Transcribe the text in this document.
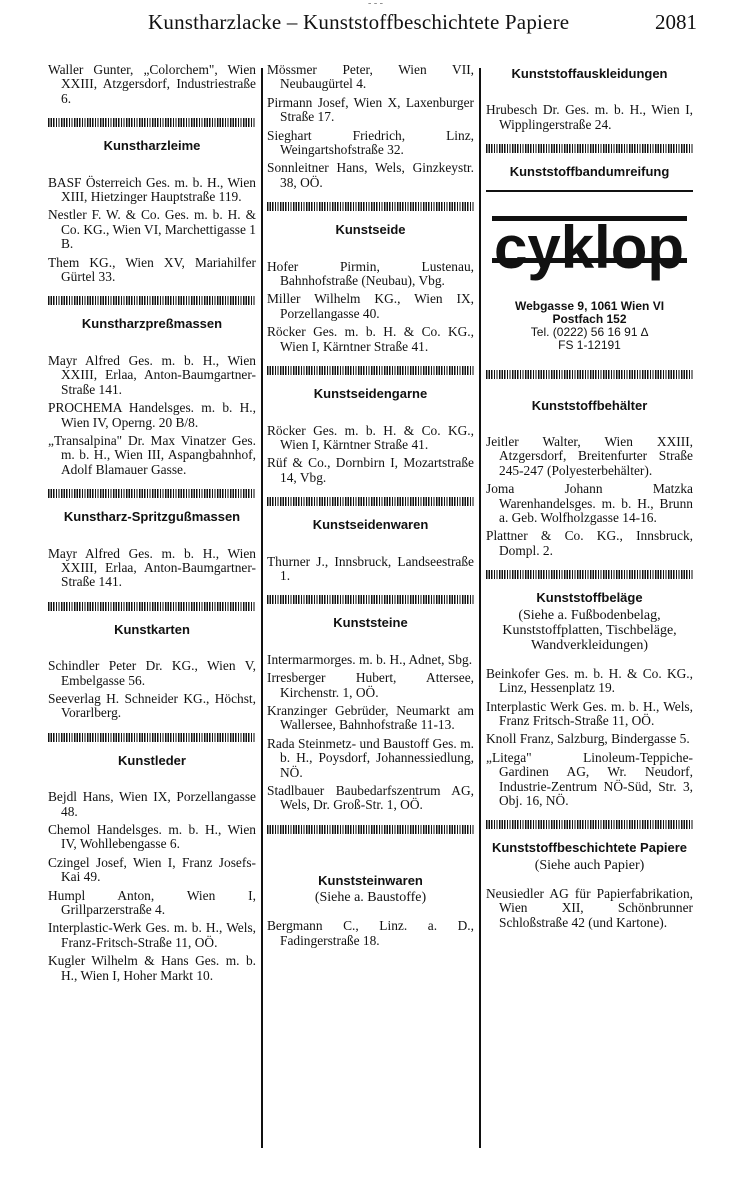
- - -
Kunstharzlacke – Kunststoffbeschichtete Papiere	2081

Waller Gunter, „Colorchem", Wien XXIII, Atzgersdorf, Industriestraße 6.

Kunstharzleime

BASF Österreich Ges. m. b. H., Wien XIII, Hietzinger Hauptstraße 119.

Nestler F. W. & Co. Ges. m. b. H. & Co. KG., Wien VI, Marchettigasse 1 B.

Them KG., Wien XV, Mariahilfer Gürtel 33.

Kunstharzpreßmassen

Mayr Alfred Ges. m. b. H., Wien XXIII, Erlaa, Anton-Baumgartner-Straße 141.

PROCHEMA Handelsges. m. b. H., Wien IV, Operng. 20 B/8.

„Transalpina" Dr. Max Vinatzer Ges. m. b. H., Wien III, Aspangbahnhof, Adolf Blamauer Gasse.

Kunstharz-Spritzgußmassen

Mayr Alfred Ges. m. b. H., Wien XXIII, Erlaa, Anton-Baumgartner-Straße 141.

Kunstkarten

Schindler Peter Dr. KG., Wien V, Embelgasse 56.

Seeverlag H. Schneider KG., Höchst, Vorarlberg.

Kunstleder

Bejdl Hans, Wien IX, Porzellangasse 48.

Chemol Handelsges. m. b. H., Wien IV, Wohllebengasse 6.

Czingel Josef, Wien I, Franz Josefs-Kai 49.

Humpl Anton, Wien I, Grillparzerstraße 4.

Interplastic-Werk Ges. m. b. H., Wels, Franz-Fritsch-Straße 11, OÖ.

Kugler Wilhelm & Hans Ges. m. b. H., Wien I, Hoher Markt 10.

Mössmer Peter, Wien VII, Neubaugürtel 4.

Pirmann Josef, Wien X, Laxenburger Straße 17.

Sieghart Friedrich, Linz, Weingartshofstraße 32.

Sonnleitner Hans, Wels, Ginzkeystr. 38, OÖ.

Kunstseide

Hofer Pirmin, Lustenau, Bahnhofstraße (Neubau), Vbg.

Miller Wilhelm KG., Wien IX, Porzellangasse 40.

Röcker Ges. m. b. H. & Co. KG., Wien I, Kärntner Straße 41.

Kunstseidengarne

Röcker Ges. m. b. H. & Co. KG., Wien I, Kärntner Straße 41.

Rüf & Co., Dornbirn I, Mozartstraße 14, Vbg.

Kunstseidenwaren

Thurner J., Innsbruck, Landseestraße 1.

Kunststeine

Intermarmorges. m. b. H., Adnet, Sbg.

Irresberger Hubert, Attersee, Kirchenstr. 1, OÖ.

Kranzinger Gebrüder, Neumarkt am Wallersee, Bahnhofstraße 11-13.

Rada Steinmetz- und Baustoff Ges. m. b. H., Poysdorf, Johannessiedlung, NÖ.

Stadlbauer Baubedarfszentrum AG, Wels, Dr. Groß-Str. 1, OÖ.

Kunststeinwaren
(Siehe a. Baustoffe)

Bergmann C., Linz. a. D., Fadingerstraße 18.

Kunststoffauskleidungen

Hrubesch Dr. Ges. m. b. H., Wien I, Wipplingerstraße 24.

Kunststoffbandumreifung
cyklop
Webgasse 9, 1061 Wien VI
Postfach 152
Tel. (0222) 56 16 91 ∆
FS 1-12191
Kunststoffbehälter

Jeitler Walter, Wien XXIII, Atzgersdorf, Breitenfurter Straße 245-247 (Polyesterbehälter).

Joma Johann Matzka Warenhandelsges. m. b. H., Brunn a. Geb. Wolfholzgasse 14-16.

Plattner & Co. KG., Innsbruck, Dompl. 2.

Kunststoffbeläge
(Siehe a. Fußbodenbelag, Kunststoffplatten, Tischbeläge, Wandverkleidungen)

Beinkofer Ges. m. b. H. & Co. KG., Linz, Hessenplatz 19.

Interplastic Werk Ges. m. b. H., Wels, Franz Fritsch-Straße 11, OÖ.

Knoll Franz, Salzburg, Bindergasse 5.

„Litega" Linoleum-Teppiche-Gardinen AG, Wr. Neudorf, Industrie-Zentrum NÖ-Süd, Str. 3, Obj. 16, NÖ.

Kunststoffbeschichtete Papiere
(Siehe auch Papier)

Neusiedler AG für Papierfabrikation, Wien XII, Schönbrunner Schloßstraße 42 (und Kartone).
